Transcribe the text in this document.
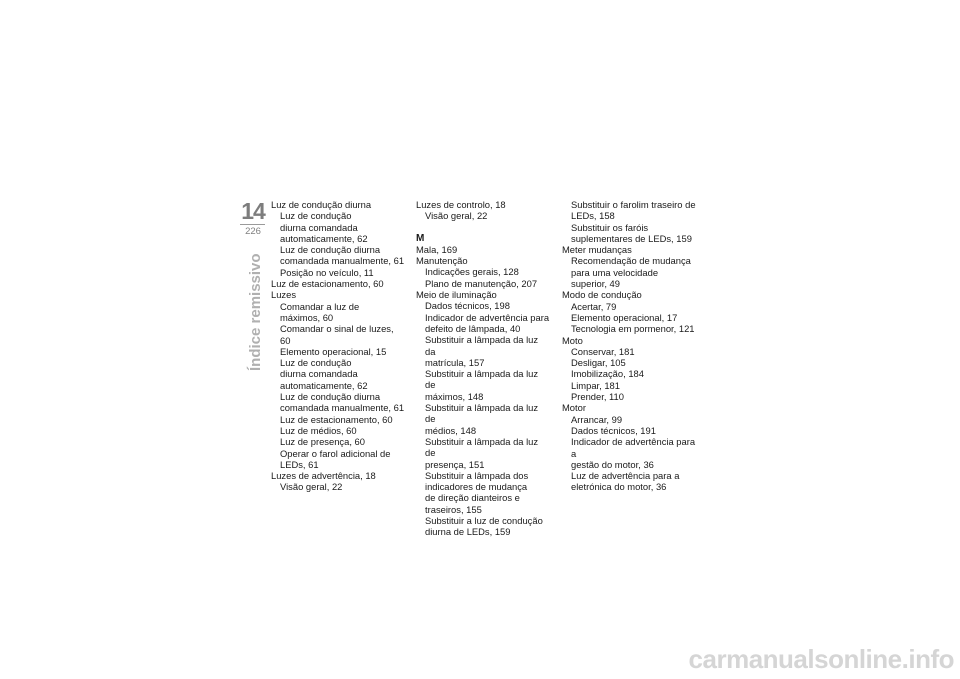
14
226
Índice remissivo

Luz de condução diurna

Luz de condução

diurna comandada

automaticamente, 62

Luz de condução diurna

comandada manualmente, 61

Posição no veículo, 11

Luz de estacionamento, 60

Luzes

Comandar a luz de

máximos, 60

Comandar o sinal de luzes, 60

Elemento operacional, 15

Luz de condução

diurna comandada

automaticamente, 62

Luz de condução diurna

comandada manualmente, 61

Luz de estacionamento, 60

Luz de médios, 60

Luz de presença, 60

Operar o farol adicional de

LEDs, 61

Luzes de advertência, 18

Visão geral, 22

Luzes de controlo, 18

Visão geral, 22

M

Mala, 169

Manutenção

Indicações gerais, 128

Plano de manutenção, 207

Meio de iluminação

Dados técnicos, 198

Indicador de advertência para

defeito de lâmpada, 40

Substituir a lâmpada da luz da

matrícula, 157

Substituir a lâmpada da luz de

máximos, 148

Substituir a lâmpada da luz de

médios, 148

Substituir a lâmpada da luz de

presença, 151

Substituir a lâmpada dos

indicadores de mudança

de direção dianteiros e

traseiros, 155

Substituir a luz de condução

diurna de LEDs, 159

Substituir o farolim traseiro de

LEDs, 158

Substituir os faróis

suplementares de LEDs, 159

Meter mudanças

Recomendação de mudança

para uma velocidade

superior, 49

Modo de condução

Acertar, 79

Elemento operacional, 17

Tecnologia em pormenor, 121

Moto

Conservar, 181

Desligar, 105

Imobilização, 184

Limpar, 181

Prender, 110

Motor

Arrancar, 99

Dados técnicos, 191

Indicador de advertência para a

gestão do motor, 36

Luz de advertência para a

eletrónica do motor, 36

carmanualsonline.info
